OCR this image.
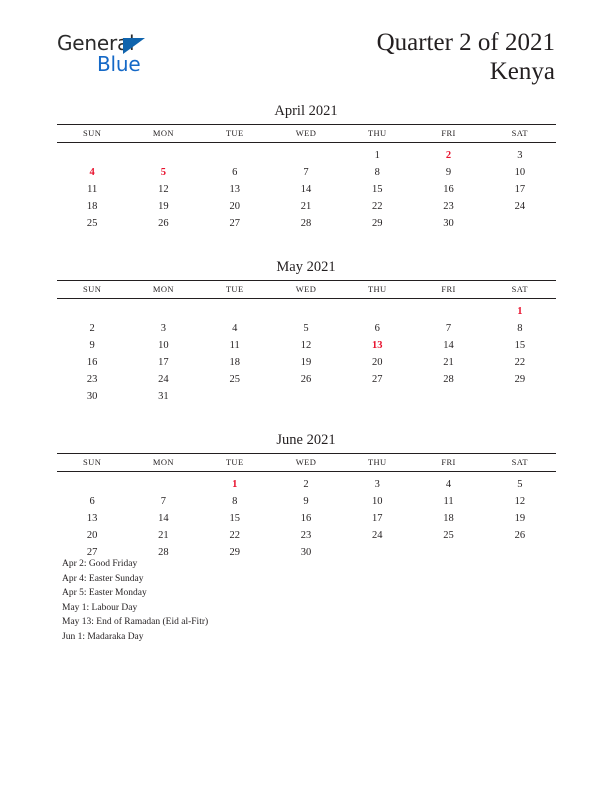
General
Blue
Quarter 2 of 2021
Kenya
April 2021
SUN	MON	TUE	WED	THU	FRI	SAT
				1	2	3
4	5	6	7	8	9	10
11	12	13	14	15	16	17
18	19	20	21	22	23	24
25	26	27	28	29	30	
May 2021
SUN	MON	TUE	WED	THU	FRI	SAT
						1
2	3	4	5	6	7	8
9	10	11	12	13	14	15
16	17	18	19	20	21	22
23	24	25	26	27	28	29
30	31					
June 2021
SUN	MON	TUE	WED	THU	FRI	SAT
		1	2	3	4	5
6	7	8	9	10	11	12
13	14	15	16	17	18	19
20	21	22	23	24	25	26
27	28	29	30			
Apr 2: Good Friday
Apr 4: Easter Sunday
Apr 5: Easter Monday
May 1: Labour Day
May 13: End of Ramadan (Eid al-Fitr)
Jun 1: Madaraka Day
